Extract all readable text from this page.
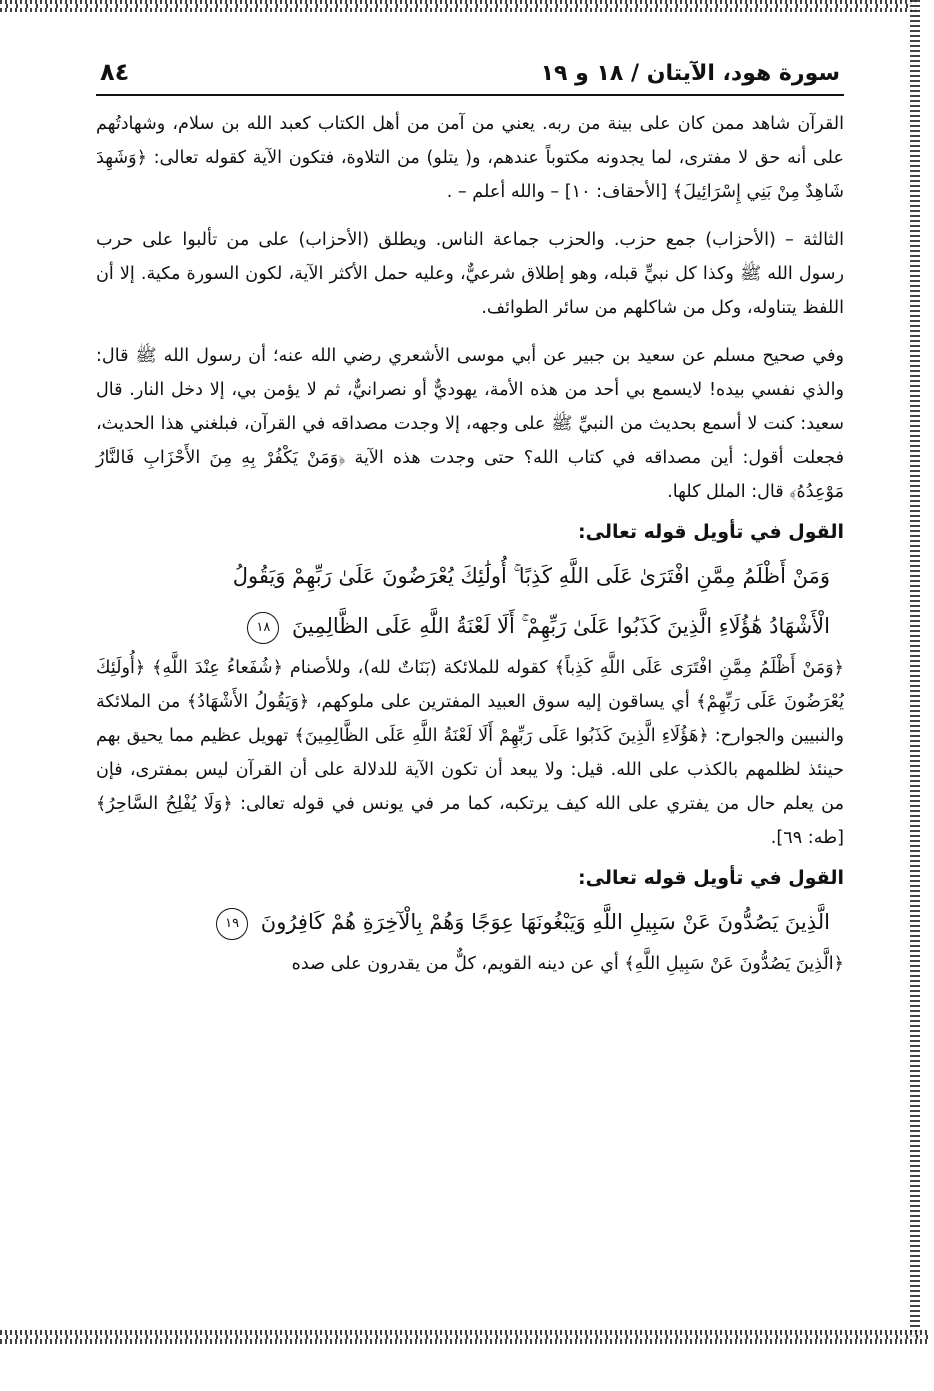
سورة هود، الآيتان / ١٨ و ١٩
٨٤

القرآن شاهد ممن كان على بينة من ربه. يعني من آمن من أهل الكتاب كعبد الله بن سلام، وشهادتُهم على أنه حق لا مفترى، لما يجدونه مكتوباً عندهم، و( يتلو) من التلاوة، فتكون الآية كقوله تعالى: ﴿وَشَهِدَ شَاهِدٌ مِنْ بَنِي إِسْرَائِيلَ﴾ [الأحقاف: ١٠] – والله أعلم – .

الثالثة – (الأحزاب) جمع حزب. والحزب جماعة الناس. ويطلق (الأحزاب) على من تألبوا على حرب رسول الله ﷺ وكذا كل نبيٍّ قبله، وهو إطلاق شرعيٌّ، وعليه حمل الأكثر الآية، لكون السورة مكية. إلا أن اللفظ يتناوله، وكل من شاكلهم من سائر الطوائف.

وفي صحيح مسلم عن سعيد بن جبير عن أبي موسى الأشعري رضي الله عنه؛ أن رسول الله ﷺ قال: والذي نفسي بيده! لايسمع بي أحد من هذه الأمة، يهوديٌّ أو نصرانيٌّ، ثم لا يؤمن بي، إلا دخل النار. قال سعيد: كنت لا أسمع بحديث من النبيِّ ﷺ على وجهه، إلا وجدت مصداقه في القرآن، فبلغني هذا الحديث، فجعلت أقول: أين مصداقه في كتاب الله؟ حتى وجدت هذه الآية ﴿وَمَنْ يَكْفُرْ بِهِ مِنَ الأَحْزَابِ فَالنَّارُ مَوْعِدُهُ﴾ قال: الملل كلها.

القول في تأويل قوله تعالى:
وَمَنْ أَظْلَمُ مِمَّنِ افْتَرَىٰ عَلَى اللَّهِ كَذِبًا ۚ أُولَٰئِكَ يُعْرَضُونَ عَلَىٰ رَبِّهِمْ وَيَقُولُ
الْأَشْهَادُ هَٰؤُلَاءِ الَّذِينَ كَذَبُوا عَلَىٰ رَبِّهِمْ ۚ أَلَا لَعْنَةُ اللَّهِ عَلَى الظَّالِمِينَ ١٨

﴿وَمَنْ أَظْلَمُ مِمَّنِ افْتَرَى عَلَى اللَّهِ كَذِباً﴾ كقوله للملائكة (بَنَاتٌ لله)، وللأصنام ﴿شُفَعاءُ عِنْدَ اللَّهِ﴾ ﴿أُولَئِكَ يُعْرَضُونَ عَلَى رَبِّهِمْ﴾ أي يساقون إليه سوق العبيد المفترين على ملوكهم، ﴿وَيَقُولُ الأَشْهَادُ﴾ من الملائكة والنبيين والجوارح: ﴿هَؤُلَاءِ الَّذِينَ كَذَبُوا عَلَى رَبِّهِمْ أَلَا لَعْنَةُ اللَّهِ عَلَى الظَّالِمِينَ﴾ تهويل عظيم مما يحيق بهم حينئذ لظلمهم بالكذب على الله. قيل: ولا يبعد أن تكون الآية للدلالة على أن القرآن ليس بمفترى، فإن من يعلم حال من يفتري على الله كيف يرتكبه، كما مر في يونس في قوله تعالى: ﴿وَلَا يُفْلِحُ السَّاحِرُ﴾ [طه: ٦٩].

القول في تأويل قوله تعالى:
الَّذِينَ يَصُدُّونَ عَنْ سَبِيلِ اللَّهِ وَيَبْغُونَهَا عِوَجًا وَهُمْ بِالْآخِرَةِ هُمْ كَافِرُونَ ١٩

﴿الَّذِينَ يَصُدُّونَ عَنْ سَبِيلِ اللَّهِ﴾ أي عن دينه القويم، كلٌّ من يقدرون على صده
